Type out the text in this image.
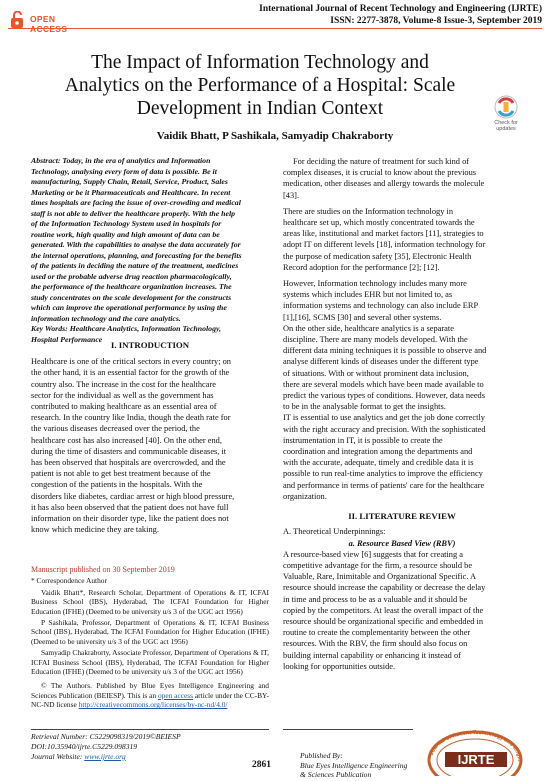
OPEN ACCESS
International Journal of Recent Technology and Engineering (IJRTE)
ISSN: 2277-3878, Volume-8 Issue-3, September 2019
The Impact of Information Technology and
Analytics on the Performance of a Hospital: Scale
Development in Indian Context
Check for
updates
Vaidik Bhatt, P Sashikala, Samyadip Chakraborty
Abstract: Today, in the era of analytics and Information
Technology, analysing every form of data is possible. Be it
manufacturing, Supply Chain, Retail, Service, Product, Sales
Marketing or be it Pharmaceuticals and Healthcare. In recent
times hospitals are facing the issue of over-crowding and medical
staff is not able to deliver the healthcare properly. With the help
of the Information Technology System used in hospitals for
routine work, high quality and high amount of data can be
generated. With the capabilities to analyse the data accurately for
the internal operations, planning, and forecasting for the benefits
of the patients in deciding the nature of the treatment, medicines
used or the probable adverse drug reaction pharmacologically,
the performance of the healthcare organization increases. The
study concentrates on the scale development for the constructs
which can improve the operational performance by using the
information technology and the care analytics.
Key Words: Healthcare Analytics, Information Technology,
Hospital Performance
I. INTRODUCTION
Healthcare is one of the critical sectors in every country; on
the other hand, it is an essential factor for the growth of the
country also. The increase in the cost for the healthcare
sector for the individual as well as the government has
contributed to making healthcare as an essential area of
research. In the country like India, though the death rate for
the various diseases decreased over the period, the
healthcare cost has also increased [40]. On the other end,
during the time of disasters and communicable diseases, it
has been observed that hospitals are overcrowded, and the
patient is not able to get best treatment because of the
congestion of the patients in the hospitals. With the
disorders like diabetes, cardiac arrest or high blood pressure,
it has also been observed that the patient does not have full
information on their disorder type, like the patient does not
know which medicine they are taking.

Manuscript published on 30 September 2019

* Correspondence Author

Vaidik Bhatt*, Research Scholar, Department of Operations & IT, ICFAI Business School (IBS), Hyderabad, The ICFAI Foundation for Higher Education (IFHE) (Deemed to be university u/s 3 of the UGC act 1956)

P Sashikala, Professor, Department of Operations & IT, ICFAI Business School (IBS), Hyderabad, The ICFAI Foundation for Higher Education (IFHE) (Deemed to be university u/s 3 of the UGC act 1956)

Samyadip Chakraborty, Associate Professor, Department of Operations & IT, ICFAI Business School (IBS), Hyderabad, The ICFAI Foundation for Higher Education (IFHE) (Deemed to be university u/s 3 of the UGC act 1956)

© The Authors. Published by Blue Eyes Intelligence Engineering and Sciences Publication (BEIESP). This is an open access article under the CC-BY-NC-ND license http://creativecommons.org/licenses/by-nc-nd/4.0/

For deciding the nature of treatment for such kind of
complex diseases, it is crucial to know about the previous
medication, other diseases and allergy towards the molecule
[43].
There are studies on the Information technology in
healthcare set up, which mostly concentrated towards the
areas like, institutional and market factors [11], strategies to
adopt IT on different levels [18], information technology for
the purpose of medication safety [35], Electronic Health
Record adoption for the performance [2]; [12].
However, Information technology includes many more
systems which includes EHR but not limited to, as
information systems and technology can also include ERP
[1],[16], SCMS [30] and several other systems.
On the other side, healthcare analytics is a separate
discipline. There are many models developed. With the
different data mining techniques it is possible to observe and
analyse different kinds of diseases under the different type
of situations. With or without prominent data inclusion,
there are several models which have been made available to
predict the various types of conditions. However, data needs
to be in the analysable format to get the insights.
IT is essential to use analytics and get the job done correctly
with the right accuracy and precision. With the sophisticated
instrumentation in IT, it is possible to create the
coordination and integration among the departments and
with the accurate, adequate, timely and credible data it is
possible to run real-time analytics to improve the efficiency
and performance in terms of patients' care for the healthcare
organization.
II. LITERATURE REVIEW
A. Theoretical Underpinnings:
a. Resource Based View (RBV)
A resource-based view [6] suggests that for creating a
competitive advantage for the firm, a resource should be
Valuable, Rare, Inimitable and Organizational Specific. A
resource should increase the capability or decrease the delay
in time and process to be as a valuable and it should be
copied by the competitors. At least the overall impact of the
resource should be organizational specific and embedded in
routine to create the complementarity between the other
resources. With the RBV, the firm should also focus on
building internal capability or enhancing it instead of
looking for opportunities outside.
Retrieval Number: C5229098319/2019©BEIESP
DOI:10.35940/ijrte.C5229.098319
Journal Website: www.ijrte.org
2861
Published By:
Blue Eyes Intelligence Engineering
& Sciences Publication
Journal of Recent Technology and Engin
IJRTE
